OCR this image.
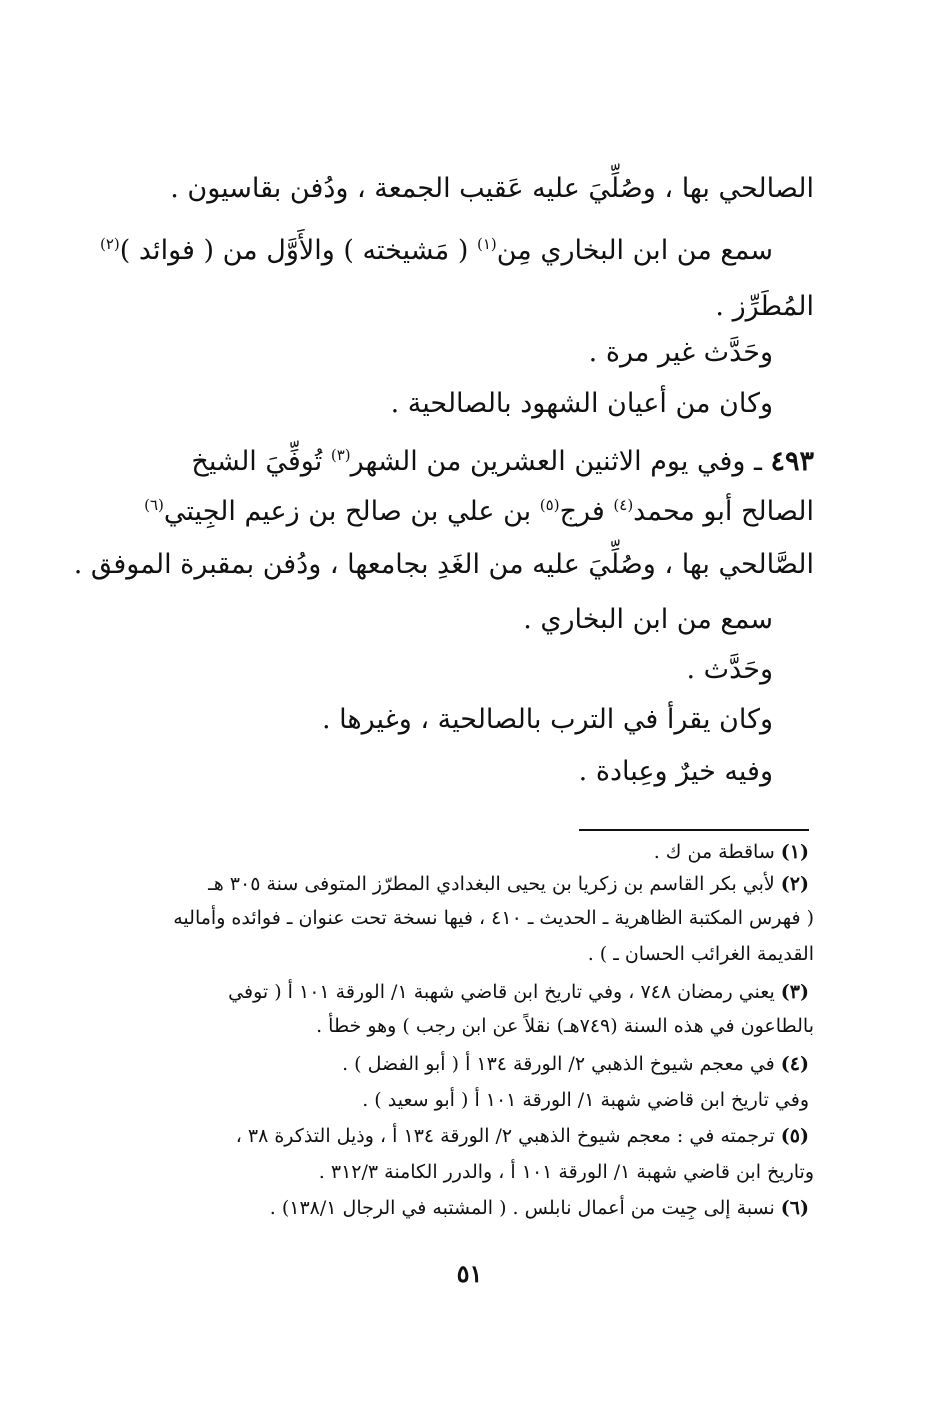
الصالحي بها ، وصُلِّيَ عليه عَقيب الجمعة ، ودُفن بقاسيون .
سمع من ابن البخاري مِن$^{(١)}$ ( مَشيخته ) والأَوَّل من ( فوائد )$^{(٢)}$
المُطَرِّز .
وحَدَّث غير مرة .
وكان من أعيان الشهود بالصالحية .
٤٩٣ ـ وفي يوم الاثنين العشرين من الشهر$^{(٣)}$ تُوفِّيَ الشيخ
الصالح أبو محمد$^{(٤)}$ فرج$^{(٥)}$ بن علي بن صالح بن زعيم الجِيتي$^{(٦)}$
الصَّالحي بها ، وصُلِّيَ عليه من الغَدِ بجامعها ، ودُفن بمقبرة الموفق .
سمع من ابن البخاري .
وحَدَّث .
وكان يقرأ في الترب بالصالحية ، وغيرها .
وفيه خيرٌ وعِبادة .
(١) ساقطة من ك .
(٢) لأبي بكر القاسم بن زكريا بن يحيى البغدادي المطرّز المتوفى سنة ٣٠٥ هـ
( فهرس المكتبة الظاهرية ـ الحديث ـ ٤١٠ ، فيها نسخة تحت عنوان ـ فوائده وأماليه
القديمة الغرائب الحسان ـ ) .
(٣) يعني رمضان ٧٤٨ ، وفي تاريخ ابن قاضي شهبة ١/ الورقة ١٠١ أ ( توفي
بالطاعون في هذه السنة (٧٤٩هـ) نقلاً عن ابن رجب ) وهو خطأ .
(٤) في معجم شيوخ الذهبي ٢/ الورقة ١٣٤ أ ( أبو الفضل ) .
وفي تاريخ ابن قاضي شهبة ١/ الورقة ١٠١ أ ( أبو سعيد ) .
(٥) ترجمته في : معجم شيوخ الذهبي ٢/ الورقة ١٣٤ أ ، وذيل التذكرة ٣٨ ،
وتاريخ ابن قاضي شهبة ١/ الورقة ١٠١ أ ، والدرر الكامنة ٣١٢/٣ .
(٦) نسبة إلى جِيت من أعمال نابلس . ( المشتبه في الرجال ١٣٨/١) .
٥١
